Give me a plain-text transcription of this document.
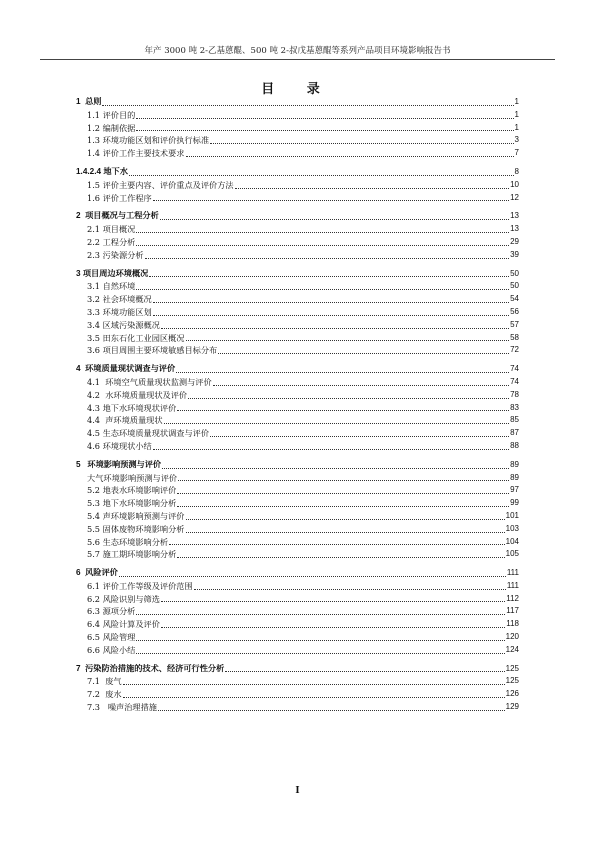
年产 3000 吨 2-乙基蒽醌、500 吨 2-叔戊基蒽醌等系列产品项目环境影响报告书
目 录
1  总则	1
1.1 评价目的	1
1.2 编制依据	1
1.3 环境功能区划和评价执行标准	3
1.4 评价工作主要技术要求	7
1.4.2.4 地下水	8
1.5 评价主要内容、评价重点及评价方法	10
1.6 评价工作程序	12
2  项目概况与工程分析	13
2.1 项目概况	13
2.2 工程分析	29
2.3 污染源分析	39
3 项目周边环境概况	50
3.1 自然环境	50
3.2 社会环境概况	54
3.3 环境功能区划	56
3.4 区域污染源概况	57
3.5 田东石化工业园区概况	58
3.6 项目周围主要环境敏感目标分布	72
4  环境质量现状调查与评价	74
4.1  环境空气质量现状监测与评价	74
4.2  水环境质量现状及评价	78
4.3 地下水环境现状评价	83
4.4  声环境质量现状	85
4.5 生态环境质量现状调查与评价	87
4.6 环境现状小结	88
5   环境影响预测与评价	89
大气环境影响预测与评价	89
5.2 地表水环境影响评价	97
5.3 地下水环境影响分析	99
5.4 声环境影响预测与评价	101
5.5 固体废物环境影响分析	103
5.6 生态环境影响分析	104
5.7 施工期环境影响分析	105
6  风险评价	111
6.1 评价工作等级及评价范围	111
6.2 风险识别与筛选	112
6.3 源项分析	117
6.4 风险计算及评价	118
6.5 风险管理	120
6.6 风险小结	124
7  污染防治措施的技术、经济可行性分析	125
7.1  废气	125
7.2  废水	126
7.3   噪声治理措施	129
I
